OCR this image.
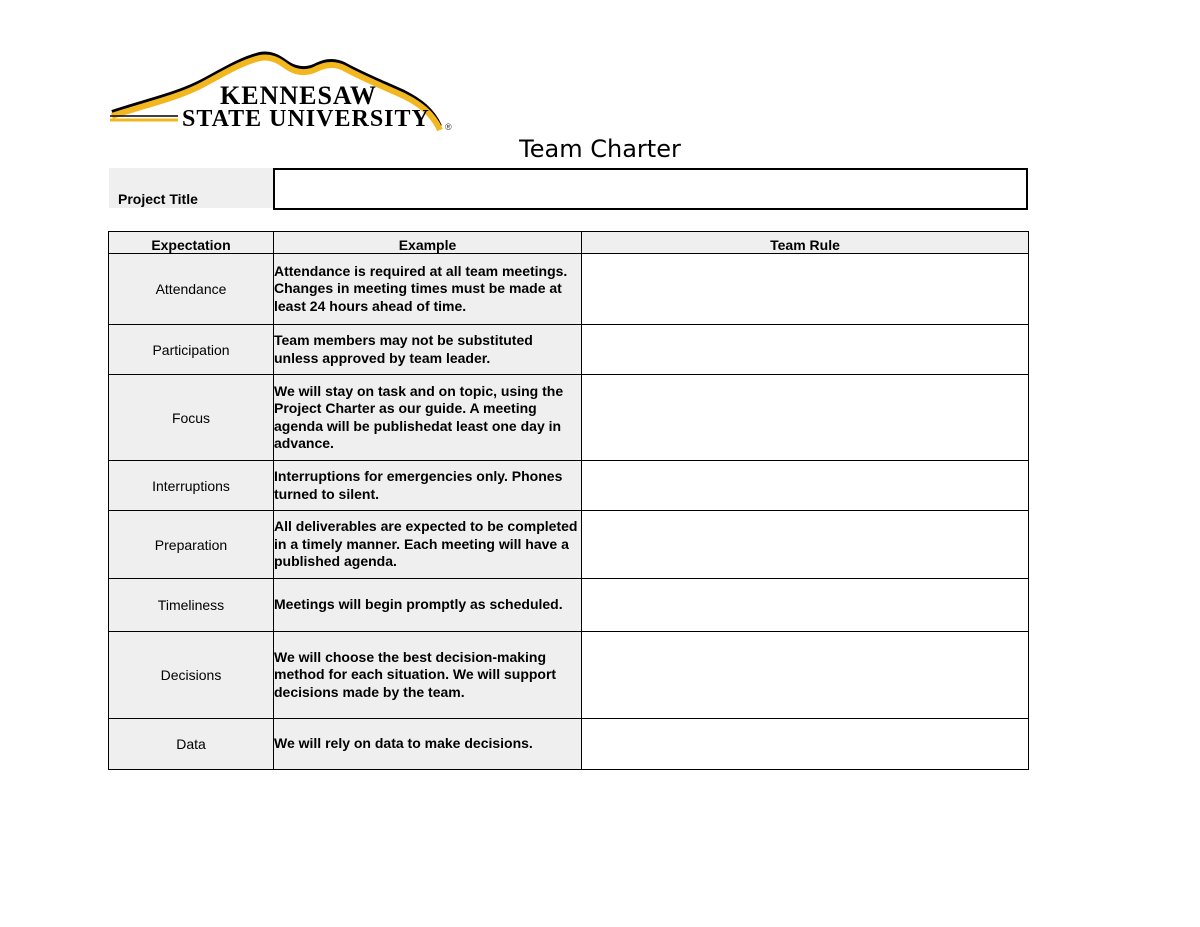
KENNESAW
STATE UNIVERSITY ®
Team Charter
Project Title
Expectation	Example	Team Rule
Attendance	Attendance is required at all team meetings. Changes in meeting times must be made at least 24 hours ahead of time.	
Participation	Team members may not be substituted unless approved by team leader.	
Focus	We will stay on task and on topic, using the Project Charter as our guide. A meeting agenda will be publishedat least one day in advance.	
Interruptions	Interruptions for emergencies only. Phones turned to silent.	
Preparation	All deliverables are expected to be completed in a timely manner. Each meeting will have a published agenda.	
Timeliness	Meetings will begin promptly as scheduled.	
Decisions	We will choose the best decision-making method for each situation. We will support decisions made by the team.	
Data	We will rely on data to make decisions.	
